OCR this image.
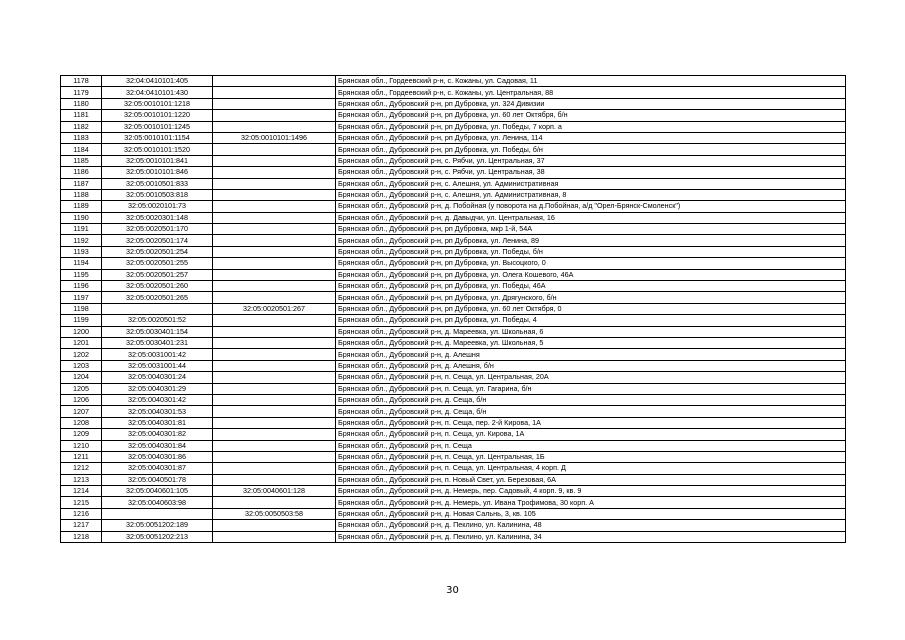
1178	32:04:0410101:405		Брянская обл., Гордеевский р-н, с. Кожаны, ул. Садовая, 11
1179	32:04:0410101:430		Брянская обл., Гордеевский р-н, с. Кожаны, ул. Центральная, 88
1180	32:05:0010101:1218		Брянская обл., Дубровский р-н, рп Дубровка, ул. 324 Дивизии
1181	32:05:0010101:1220		Брянская обл., Дубровский р-н, рп Дубровка, ул. 60 лет Октября, б/н
1182	32:05:0010101:1245		Брянская обл., Дубровский р-н, рп Дубровка, ул. Победы, 7 корп. а
1183	32:05:0010101:1154	32:05:0010101:1496	Брянская обл., Дубровский р-н, рп Дубровка, ул. Ленина, 114
1184	32:05:0010101:1520		Брянская обл., Дубровский р-н, рп Дубровка, ул. Победы, б/н
1185	32:05:0010101:841		Брянская обл., Дубровский р-н, с. Рябчи, ул. Центральная, 37
1186	32:05:0010101:846		Брянская обл., Дубровский р-н, с. Рябчи, ул. Центральная, 38
1187	32:05:0010501:833		Брянская обл., Дубровский р-н, с. Алешня, ул. Административная
1188	32:05:0010503:818		Брянская обл., Дубровский р-н, с. Алешня, ул. Административная, 8
1189	32:05:0020101:73		Брянская обл., Дубровский р-н, д. Побойная (у поворота на д.Побойная, а/д "Орел-Брянск-Смоленск")
1190	32:05:0020301:148		Брянская обл., Дубровский р-н, д. Давыдчи, ул. Центральная, 16
1191	32:05:0020501:170		Брянская обл., Дубровский р-н, рп Дубровка, мкр 1-й, 54А
1192	32:05:0020501:174		Брянская обл., Дубровский р-н, рп Дубровка, ул. Ленина, 89
1193	32:05:0020501:254		Брянская обл., Дубровский р-н, рп Дубровка, ул. Победы, б/н
1194	32:05:0020501:255		Брянская обл., Дубровский р-н, рп Дубровка, ул. Высоцкого, 0
1195	32:05:0020501:257		Брянская обл., Дубровский р-н, рп Дубровка, ул. Олега Кошевого, 46А
1196	32:05:0020501:260		Брянская обл., Дубровский р-н, рп Дубровка, ул. Победы, 46А
1197	32:05:0020501:265		Брянская обл., Дубровский р-н, рп Дубровка, ул. Дрягунского, б/н
1198		32:05:0020501:267	Брянская обл., Дубровский р-н, рп Дубровка, ул. 60 лет Октября, 0
1199	32:05:0020501:52		Брянская обл., Дубровский р-н, рп Дубровка, ул. Победы, 4
1200	32:05:0030401:154		Брянская обл., Дубровский р-н, д. Мареевка, ул. Школьная, 6
1201	32:05:0030401:231		Брянская обл., Дубровский р-н, д. Мареевка, ул. Школьная, 5
1202	32:05:0031001:42		Брянская обл., Дубровский р-н, д. Алешня
1203	32:05:0031001:44		Брянская обл., Дубровский р-н, д. Алешня, б/н
1204	32:05:0040301:24		Брянская обл., Дубровский р-н, п. Сеща, ул. Центральная, 20А
1205	32:05:0040301:29		Брянская обл., Дубровский р-н, п. Сеща, ул. Гагарина, б/н
1206	32:05:0040301:42		Брянская обл., Дубровский р-н, д. Сеща, б/н
1207	32:05:0040301:53		Брянская обл., Дубровский р-н, д. Сеща, б/н
1208	32:05:0040301:81		Брянская обл., Дубровский р-н, п. Сеща, пер. 2-й Кирова, 1А
1209	32:05:0040301:82		Брянская обл., Дубровский р-н, п. Сеща, ул. Кирова, 1А
1210	32:05:0040301:84		Брянская обл., Дубровский р-н, п. Сеща
1211	32:05:0040301:86		Брянская обл., Дубровский р-н, п. Сеща, ул. Центральная, 1Б
1212	32:05:0040301:87		Брянская обл., Дубровский р-н, п. Сеща, ул. Центральная, 4 корп. Д
1213	32:05:0040501:78		Брянская обл., Дубровский р-н, п. Новый Свет, ул. Березовая, 6А
1214	32:05:0040601:105	32:05:0040601:128	Брянская обл., Дубровский р-н, д. Немерь, пер. Садовый, 4 корп. 9, кв. 9
1215	32:05:0040603:98		Брянская обл., Дубровский р-н, д. Немерь, ул. Ивана Трофимова, 30 корп. А
1216		32:05:0050503:58	Брянская обл., Дубровский р-н, д. Новая Сальнь, 3, кв. 105
1217	32:05:0051202:189		Брянская обл., Дубровский р-н, д. Пеклино, ул. Калинина, 48
1218	32:05:0051202:213		Брянская обл., Дубровский р-н, д. Пеклино, ул. Калинина, 34
30
